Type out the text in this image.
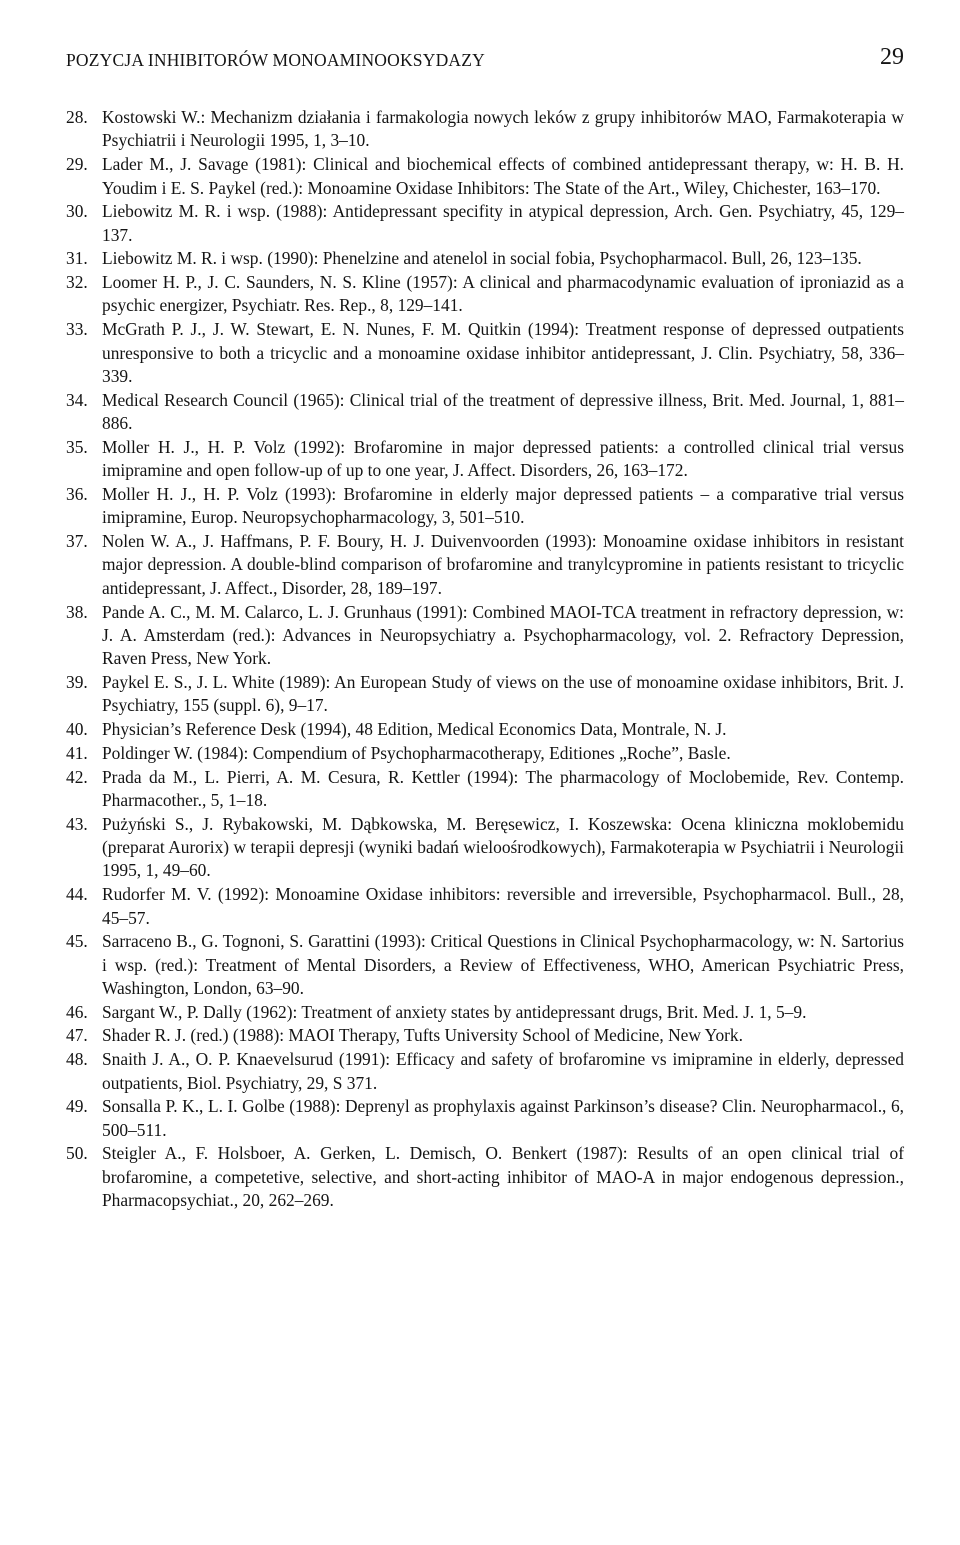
POZYCJA INHIBITORÓW MONOAMINOOKSYDAZY	29
28. Kostowski W.: Mechanizm działania i farmakologia nowych leków z grupy inhibitorów MAO, Farmakoterapia w Psychiatrii i Neurologii 1995, 1, 3–10.
29. Lader M., J. Savage (1981): Clinical and biochemical effects of combined antidepressant therapy, w: H. B. H. Youdim i E. S. Paykel (red.): Monoamine Oxidase Inhibitors: The State of the Art., Wiley, Chichester, 163–170.
30. Liebowitz M. R. i wsp. (1988): Antidepressant specifity in atypical depression, Arch. Gen. Psychiatry, 45, 129–137.
31. Liebowitz M. R. i wsp. (1990): Phenelzine and atenelol in social fobia, Psychopharmacol. Bull, 26, 123–135.
32. Loomer H. P., J. C. Saunders, N. S. Kline (1957): A clinical and pharmacodynamic evaluation of iproniazid as a psychic energizer, Psychiatr. Res. Rep., 8, 129–141.
33. McGrath P. J., J. W. Stewart, E. N. Nunes, F. M. Quitkin (1994): Treatment response of depressed outpatients unresponsive to both a tricyclic and a monoamine oxidase inhibitor antidepressant, J. Clin. Psychiatry, 58, 336–339.
34. Medical Research Council (1965): Clinical trial of the treatment of depressive illness, Brit. Med. Journal, 1, 881–886.
35. Moller H. J., H. P. Volz (1992): Brofaromine in major depressed patients: a controlled clinical trial versus imipramine and open follow-up of up to one year, J. Affect. Disorders, 26, 163–172.
36. Moller H. J., H. P. Volz (1993): Brofaromine in elderly major depressed patients – a comparative trial versus imipramine, Europ. Neuropsychopharmacology, 3, 501–510.
37. Nolen W. A., J. Haffmans, P. F. Boury, H. J. Duivenvoorden (1993): Monoamine oxidase inhibitors in resistant major depression. A double-blind comparison of brofaromine and tranylcypromine in patients resistant to tricyclic antidepressant, J. Affect., Disorder, 28, 189–197.
38. Pande A. C., M. M. Calarco, L. J. Grunhaus (1991): Combined MAOI-TCA treatment in refractory depression, w: J. A. Amsterdam (red.): Advances in Neuropsychiatry a. Psychopharmacology, vol. 2. Refractory Depression, Raven Press, New York.
39. Paykel E. S., J. L. White (1989): An European Study of views on the use of monoamine oxidase inhibitors, Brit. J. Psychiatry, 155 (suppl. 6), 9–17.
40. Physician’s Reference Desk (1994), 48 Edition, Medical Economics Data, Montrale, N. J.
41. Poldinger W. (1984): Compendium of Psychopharmacotherapy, Editiones „Roche”, Basle.
42. Prada da M., L. Pierri, A. M. Cesura, R. Kettler (1994): The pharmacology of Moclobemide, Rev. Contemp. Pharmacother., 5, 1–18.
43. Pużyński S., J. Rybakowski, M. Dąbkowska, M. Beręsewicz, I. Koszewska: Ocena kliniczna moklobemidu (preparat Aurorix) w terapii depresji (wyniki badań wieloośrodkowych), Farmakoterapia w Psychiatrii i Neurologii 1995, 1, 49–60.
44. Rudorfer M. V. (1992): Monoamine Oxidase inhibitors: reversible and irreversible, Psychopharmacol. Bull., 28, 45–57.
45. Sarraceno B., G. Tognoni, S. Garattini (1993): Critical Questions in Clinical Psychopharmacology, w: N. Sartorius i wsp. (red.): Treatment of Mental Disorders, a Review of Effectiveness, WHO, American Psychiatric Press, Washington, London, 63–90.
46. Sargant W., P. Dally (1962): Treatment of anxiety states by antidepressant drugs, Brit. Med. J. 1, 5–9.
47. Shader R. J. (red.) (1988): MAOI Therapy, Tufts University School of Medicine, New York.
48. Snaith J. A., O. P. Knaevelsurud (1991): Efficacy and safety of brofaromine vs imipramine in elderly, depressed outpatients, Biol. Psychiatry, 29, S 371.
49. Sonsalla P. K., L. I. Golbe (1988): Deprenyl as prophylaxis against Parkinson’s disease? Clin. Neuropharmacol., 6, 500–511.
50. Steigler A., F. Holsboer, A. Gerken, L. Demisch, O. Benkert (1987): Results of an open clinical trial of brofaromine, a competetive, selective, and short-acting inhibitor of MAO-A in major endogenous depression., Pharmacopsychiat., 20, 262–269.
